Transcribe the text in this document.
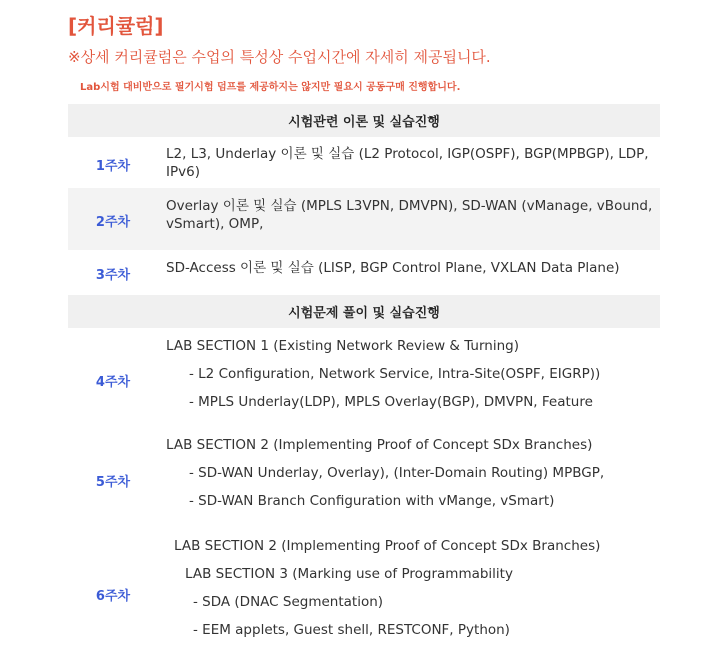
[커리큘럼]
※상세 커리큘럼은 수업의 특성상 수업시간에 자세히 제공됩니다.
Lab시험 대비반으로 필기시험 덤프를 제공하지는 않지만 필요시 공동구매 진행합니다.
시험관련 이론 및 실습진행
1주차
L2, L3, Underlay 이론 및 실습 (L2 Protocol, IGP(OSPF), BGP(MPBGP), LDP, IPv6)
2주차
Overlay 이론 및 실습 (MPLS L3VPN, DMVPN), SD-WAN (vManage, vBound, vSmart), OMP,
3주차	SD-Access 이론 및 실습 (LISP, BGP Control Plane, VXLAN Data Plane)
시험문제 풀이 및 실습진행
4주차
LAB SECTION 1 (Existing Network Review & Turning)
- L2 Configuration, Network Service, Intra-Site(OSPF, EIGRP))
- MPLS Underlay(LDP), MPLS Overlay(BGP), DMVPN, Feature
5주차
LAB SECTION 2 (Implementing Proof of Concept SDx Branches)
- SD-WAN Underlay, Overlay), (Inter-Domain Routing) MPBGP,
- SD-WAN Branch Configuration with vMange, vSmart)
6주차
LAB SECTION 2 (Implementing Proof of Concept SDx Branches)
LAB SECTION 3 (Marking use of Programmability
- SDA (DNAC Segmentation)
- EEM applets, Guest shell, RESTCONF, Python)
